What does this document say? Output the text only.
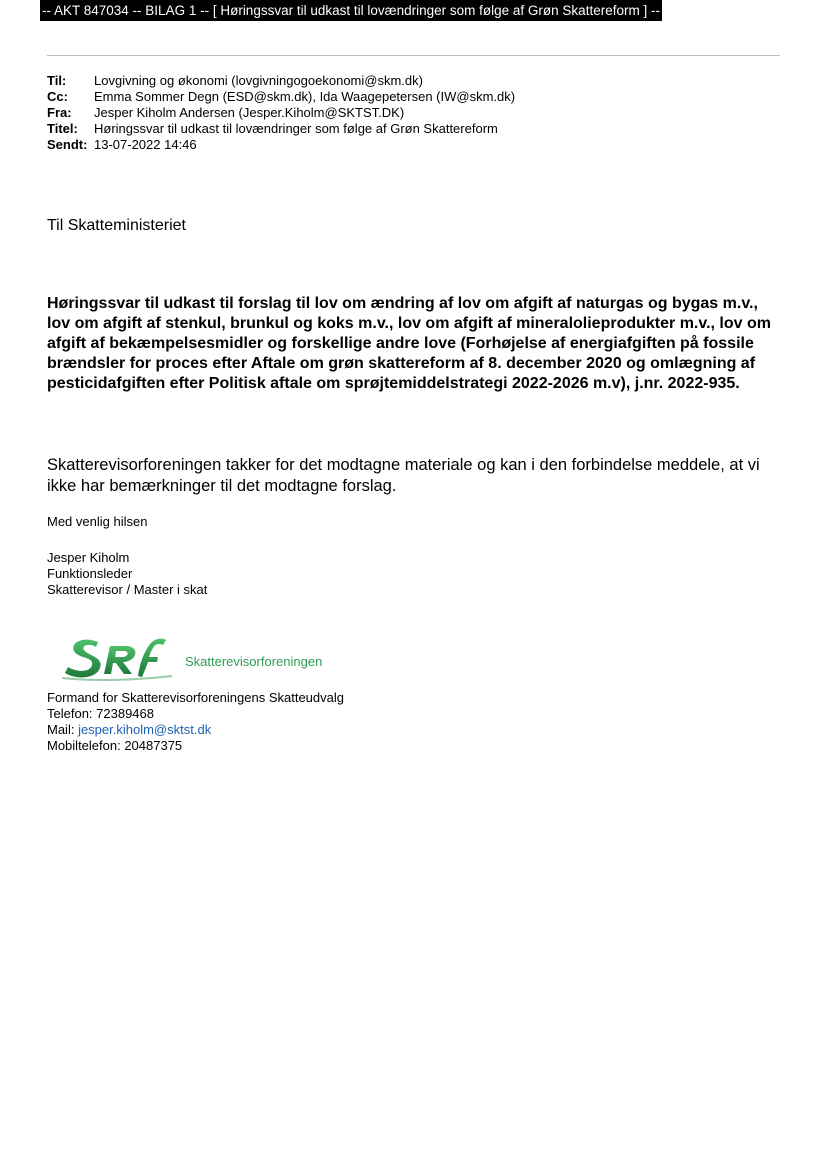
-- AKT 847034 -- BILAG 1 -- [ Høringssvar til udkast til lovændringer som følge af Grøn Skattereform ] --
Til:	Lovgivning og økonomi (lovgivningogoekonomi@skm.dk)
Cc:	Emma Sommer Degn (ESD@skm.dk), Ida Waagepetersen (IW@skm.dk)
Fra:	Jesper Kiholm Andersen (Jesper.Kiholm@SKTST.DK)
Titel:	Høringssvar til udkast til lovændringer som følge af Grøn Skattereform
Sendt: 13-07-2022 14:46
Til Skatteministeriet
Høringssvar til udkast til forslag til lov om ændring af lov om afgift af naturgas og bygas m.v., lov om afgift af stenkul, brunkul og koks m.v., lov om afgift af mineralolieprodukter m.v., lov om afgift af bekæmpelsesmidler og forskellige andre love (Forhøjelse af energiafgiften på fossile brændsler for proces efter Aftale om grøn skattereform af 8. december 2020 og omlægning af pesticidafgiften efter Politisk aftale om sprøjtemiddelstrategi 2022-2026 m.v), j.nr. 2022-935.
Skatterevisorforeningen takker for det modtagne materiale og kan i den forbindelse meddele, at vi ikke har bemærkninger til det modtagne forslag.
Med venlig hilsen
Jesper Kiholm
Funktionsleder
Skatterevisor / Master i skat
Skatterevisorforeningen
Formand for Skatterevisorforeningens Skatteudvalg
Telefon: 72389468
Mail: jesper.kiholm@sktst.dk
Mobiltelefon: 20487375
